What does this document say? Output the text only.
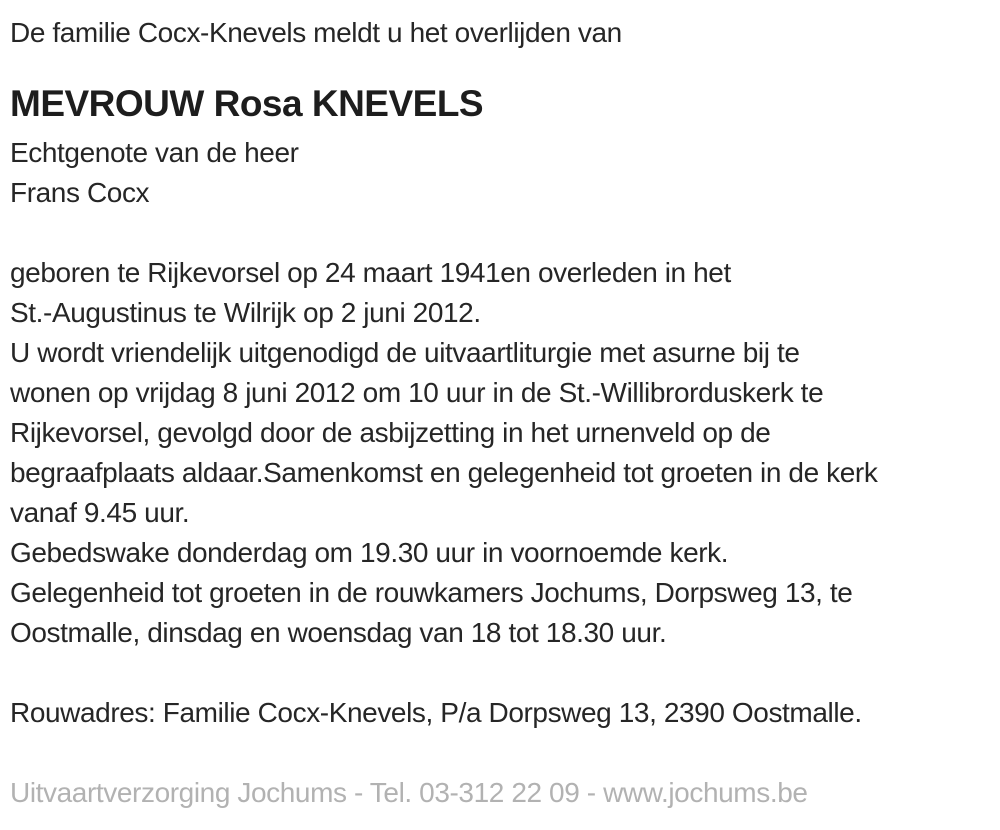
De familie Cocx-Knevels meldt u het overlijden van

MEVROUW Rosa KNEVELS

Echtgenote van de heer

Frans Cocx

geboren te Rijkevorsel op 24 maart 1941en overleden in het
St.-Augustinus te Wilrijk op 2 juni 2012.
U wordt vriendelijk uitgenodigd de uitvaartliturgie met asurne bij te
wonen op vrijdag 8 juni 2012 om 10 uur in de St.-Willibrorduskerk te
Rijkevorsel, gevolgd door de asbijzetting in het urnenveld op de
begraafplaats aldaar.Samenkomst en gelegenheid tot groeten in de kerk
vanaf 9.45 uur.
Gebedswake donderdag om 19.30 uur in voornoemde kerk.
Gelegenheid tot groeten in de rouwkamers Jochums, Dorpsweg 13, te
Oostmalle, dinsdag en woensdag van 18 tot 18.30 uur.

Rouwadres: Familie Cocx-Knevels, P/a Dorpsweg 13, 2390 Oostmalle.

Uitvaartverzorging Jochums - Tel. 03-312 22 09 - www.jochums.be
